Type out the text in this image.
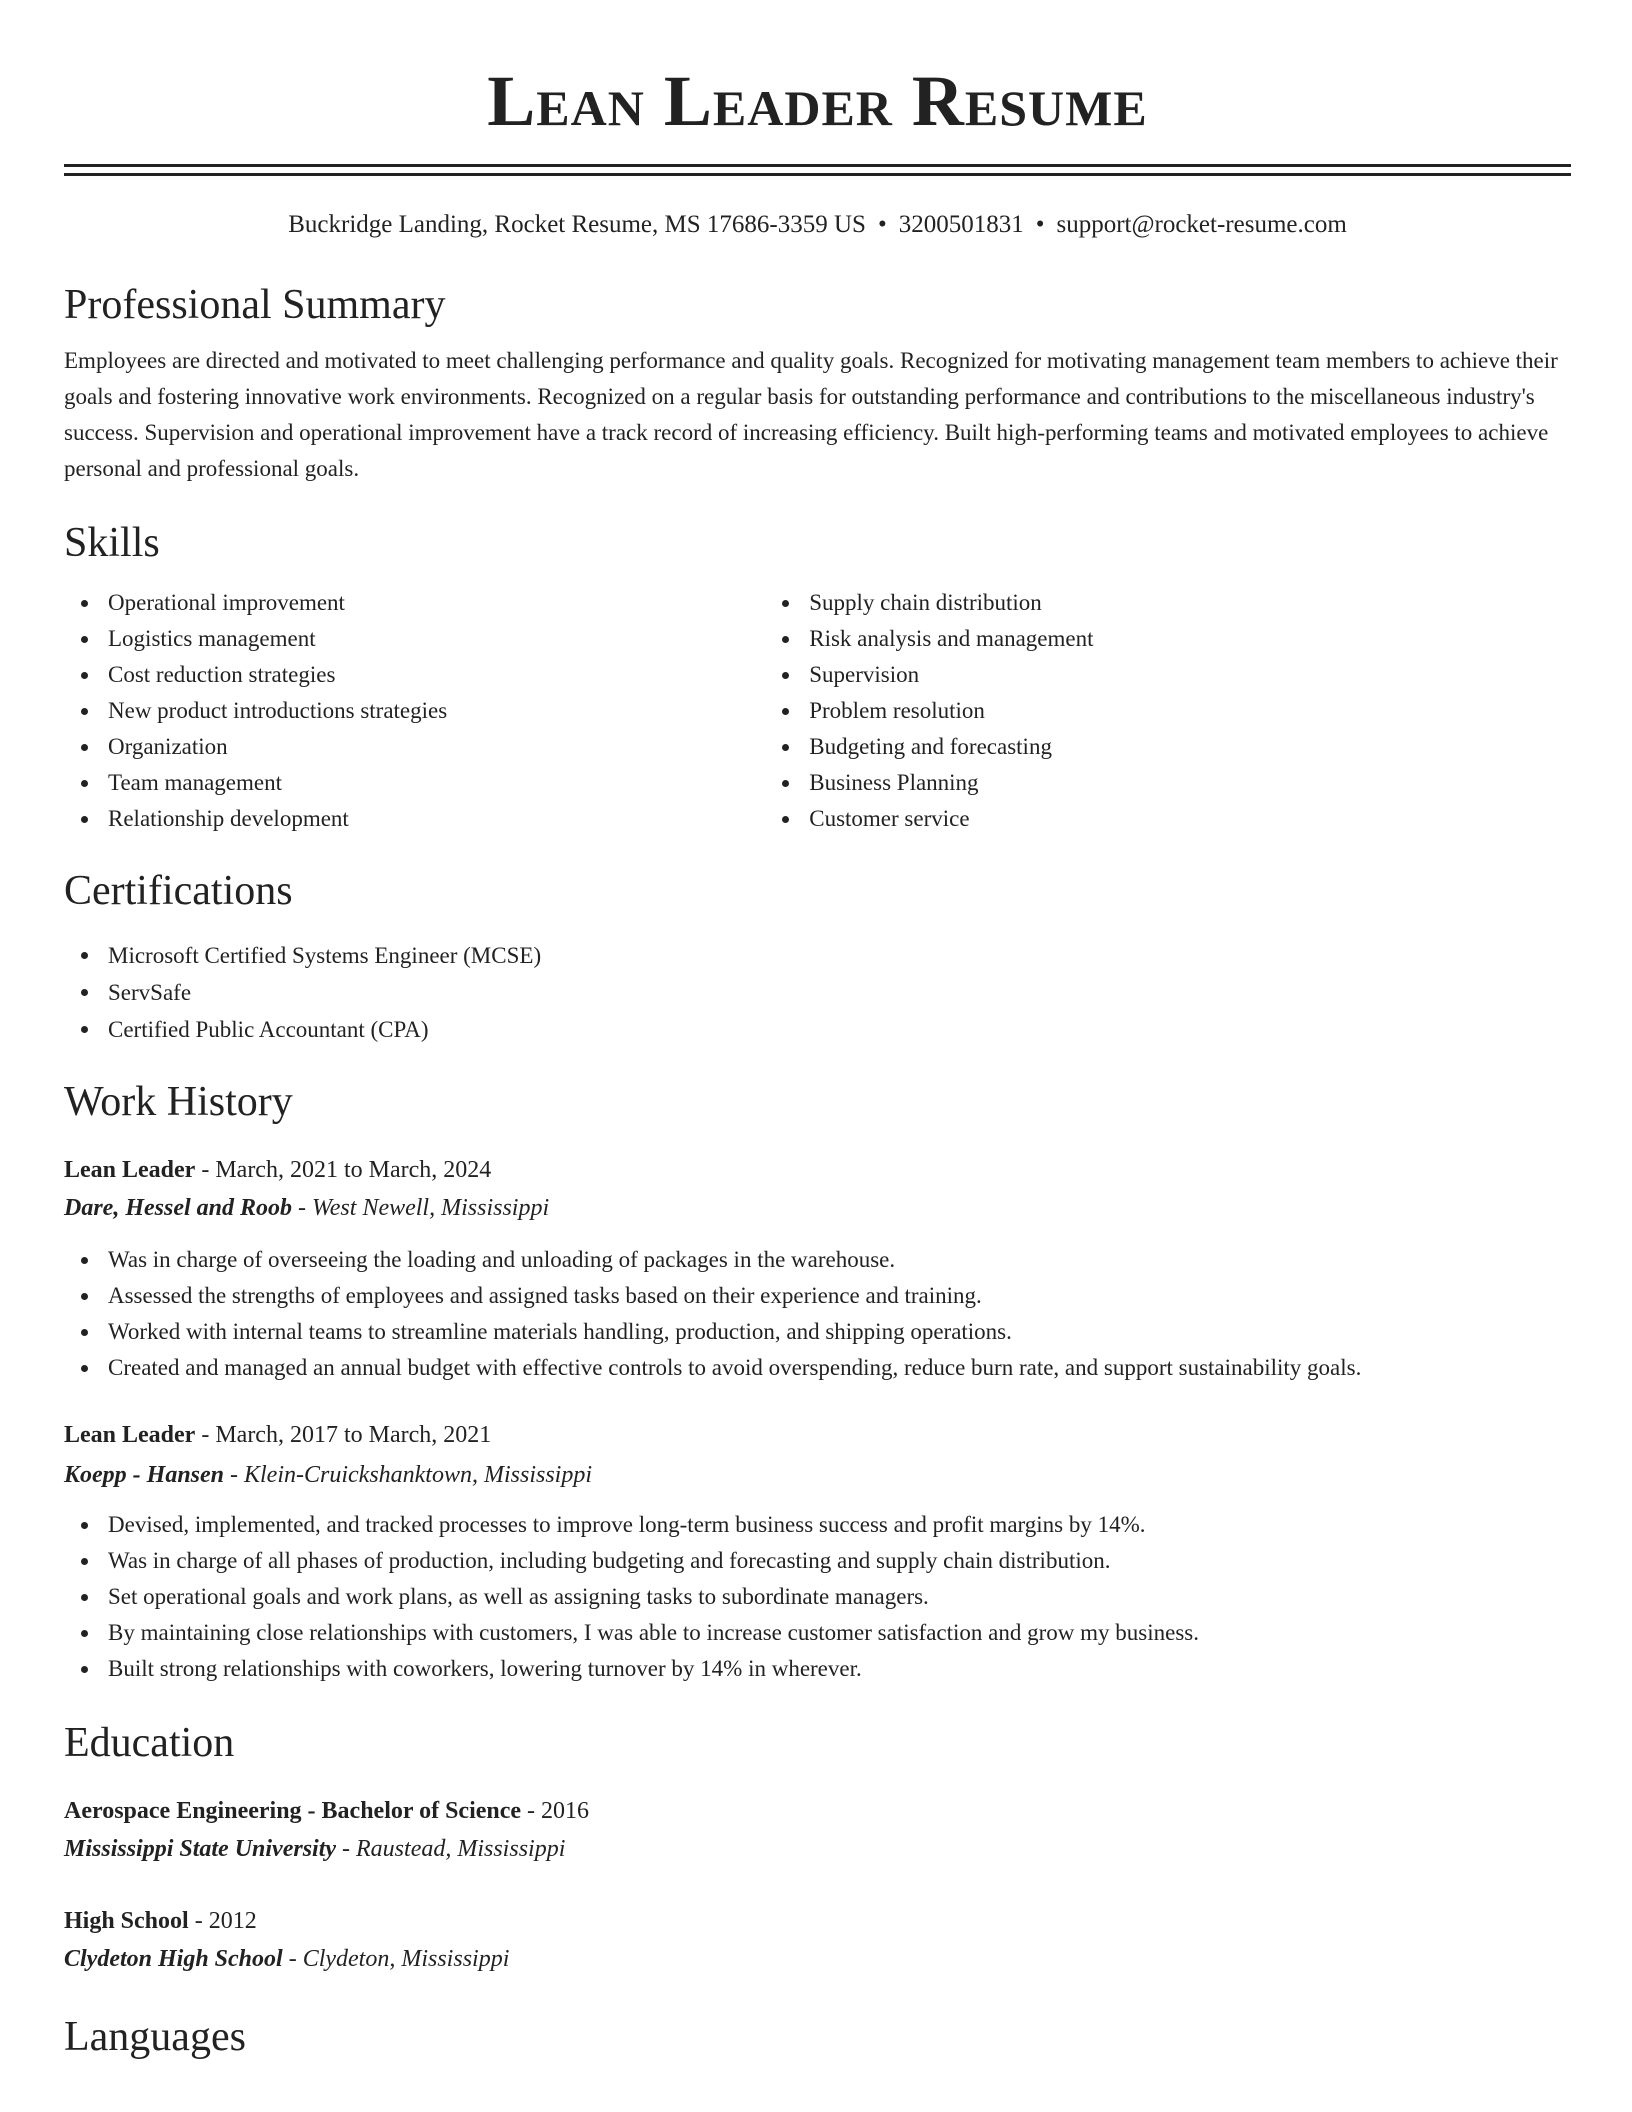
Lean Leader Resume
Buckridge Landing, Rocket Resume, MS 17686-3359 US • 3200501831 • support@rocket-resume.com
Professional Summary
Employees are directed and motivated to meet challenging performance and quality goals. Recognized for motivating management team members to achieve their goals and fostering innovative work environments. Recognized on a regular basis for outstanding performance and contributions to the miscellaneous industry's success. Supervision and operational improvement have a track record of increasing efficiency. Built high-performing teams and motivated employees to achieve personal and professional goals.
Skills
Operational improvement
Logistics management
Cost reduction strategies
New product introductions strategies
Organization
Team management
Relationship development
Supply chain distribution
Risk analysis and management
Supervision
Problem resolution
Budgeting and forecasting
Business Planning
Customer service
Certifications
Microsoft Certified Systems Engineer (MCSE)
ServSafe
Certified Public Accountant (CPA)
Work History
Lean Leader - March, 2021 to March, 2024
Dare, Hessel and Roob - West Newell, Mississippi
Was in charge of overseeing the loading and unloading of packages in the warehouse.
Assessed the strengths of employees and assigned tasks based on their experience and training.
Worked with internal teams to streamline materials handling, production, and shipping operations.
Created and managed an annual budget with effective controls to avoid overspending, reduce burn rate, and support sustainability goals.
Lean Leader - March, 2017 to March, 2021
Koepp - Hansen - Klein-Cruickshanktown, Mississippi
Devised, implemented, and tracked processes to improve long-term business success and profit margins by 14%.
Was in charge of all phases of production, including budgeting and forecasting and supply chain distribution.
Set operational goals and work plans, as well as assigning tasks to subordinate managers.
By maintaining close relationships with customers, I was able to increase customer satisfaction and grow my business.
Built strong relationships with coworkers, lowering turnover by 14% in wherever.
Education
Aerospace Engineering - Bachelor of Science - 2016
Mississippi State University - Raustead, Mississippi
High School - 2012
Clydeton High School - Clydeton, Mississippi
Languages
